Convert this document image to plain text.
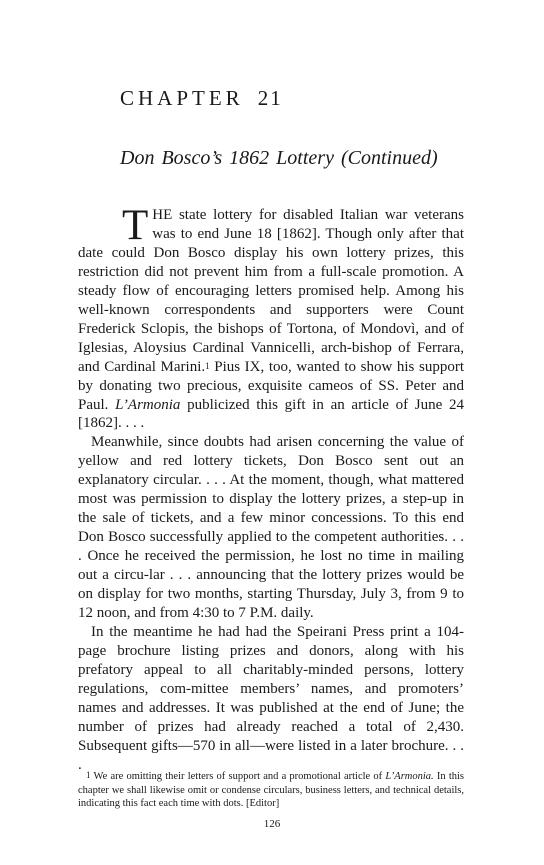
CHAPTER 21
Don Bosco’s 1862 Lottery (Continued)

THE state lottery for disabled Italian war veterans was to end June 18 [1862]. Though only after that date could Don Bosco display his own lottery prizes, this restriction did not prevent him from a full-scale promotion. A steady flow of encouraging letters promised help. Among his well-known correspondents and supporters were Count Frederick Sclopis, the bishops of Tortona, of Mondovì, and of Iglesias, Aloysius Cardinal Vannicelli, arch-bishop of Ferrara, and Cardinal Marini.$^1$ Pius IX, too, wanted to show his support by donating two precious, exquisite cameos of SS. Peter and Paul. L’Armonia publicized this gift in an article of June 24 [1862]. . . .

Meanwhile, since doubts had arisen concerning the value of yellow and red lottery tickets, Don Bosco sent out an explanatory circular. . . . At the moment, though, what mattered most was permission to display the lottery prizes, a step-up in the sale of tickets, and a few minor concessions. To this end Don Bosco successfully applied to the competent authorities. . . . Once he received the permission, he lost no time in mailing out a circu-lar . . . announcing that the lottery prizes would be on display for two months, starting Thursday, July 3, from 9 to 12 noon, and from 4:30 to 7 P.M. daily.

In the meantime he had had the Speirani Press print a 104-page brochure listing prizes and donors, along with his prefatory appeal to all charitably-minded persons, lottery regulations, com-mittee members’ names, and promoters’ names and addresses. It was published at the end of June; the number of prizes had already reached a total of 2,430. Subsequent gifts—570 in all—were listed in a later brochure. . . .

$^1$ We are omitting their letters of support and a promotional article of L’Armonia. In this chapter we shall likewise omit or condense circulars, business letters, and technical details, indicating this fact each time with dots. [Editor]

126
